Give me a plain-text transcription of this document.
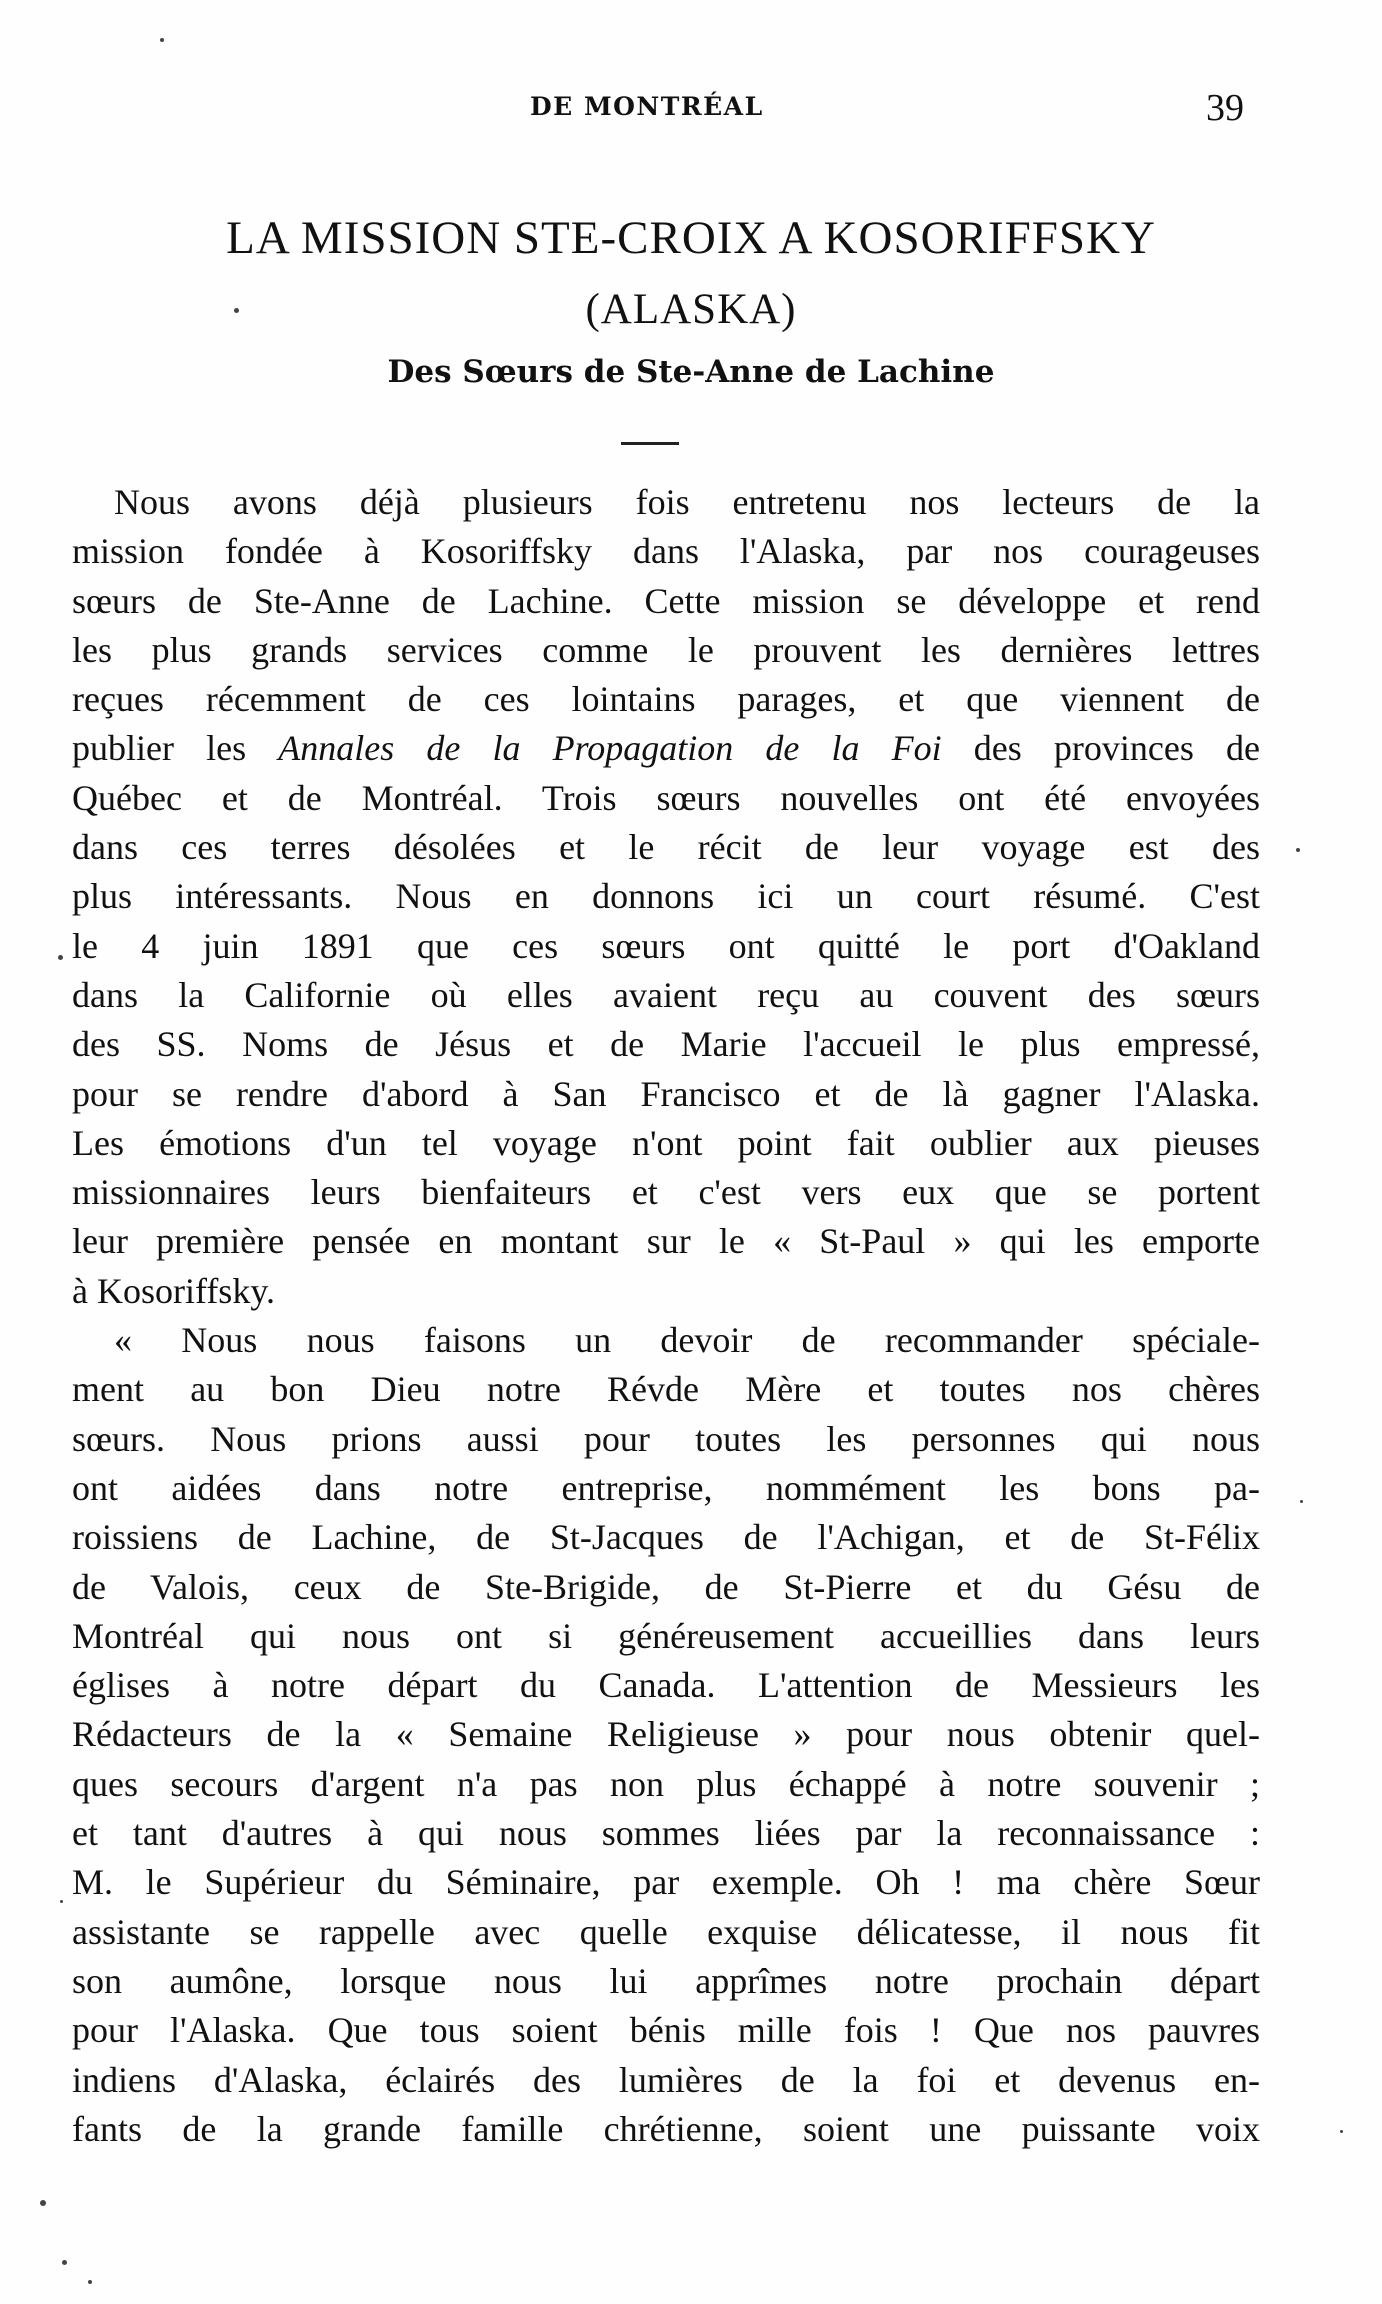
DE MONTRÉAL	39
LA MISSION STE-CROIX A KOSORIFFSKY
(ALASKA)
Des Sœurs de Ste-Anne de Lachine
Nous avons déjà plusieurs fois entretenu nos lecteurs de la
mission fondée à Kosoriffsky dans l'Alaska, par nos courageuses
sœurs de Ste-Anne de Lachine. Cette mission se développe et rend
les plus grands services comme le prouvent les dernières lettres
reçues récemment de ces lointains parages, et que viennent de
publier les Annales de la Propagation de la Foi des provinces de
Québec et de Montréal. Trois sœurs nouvelles ont été envoyées
dans ces terres désolées et le récit de leur voyage est des
plus intéressants. Nous en donnons ici un court résumé. C'est
le 4 juin 1891 que ces sœurs ont quitté le port d'Oakland
dans la Californie où elles avaient reçu au couvent des sœurs
des SS. Noms de Jésus et de Marie l'accueil le plus empressé,
pour se rendre d'abord à San Francisco et de là gagner l'Alaska.
Les émotions d'un tel voyage n'ont point fait oublier aux pieuses
missionnaires leurs bienfaiteurs et c'est vers eux que se portent
leur première pensée en montant sur le « St-Paul » qui les emporte
à Kosoriffsky.
« Nous nous faisons un devoir de recommander spéciale-
ment au bon Dieu notre Révde Mère et toutes nos chères
sœurs. Nous prions aussi pour toutes les personnes qui nous
ont aidées dans notre entreprise, nommément les bons pa-
roissiens de Lachine, de St-Jacques de l'Achigan, et de St-Félix
de Valois, ceux de Ste-Brigide, de St-Pierre et du Gésu de
Montréal qui nous ont si généreusement accueillies dans leurs
églises à notre départ du Canada. L'attention de Messieurs les
Rédacteurs de la « Semaine Religieuse » pour nous obtenir quel-
ques secours d'argent n'a pas non plus échappé à notre souvenir ;
et tant d'autres à qui nous sommes liées par la reconnaissance :
M. le Supérieur du Séminaire, par exemple. Oh ! ma chère Sœur
assistante se rappelle avec quelle exquise délicatesse, il nous fit
son aumône, lorsque nous lui apprîmes notre prochain départ
pour l'Alaska. Que tous soient bénis mille fois ! Que nos pauvres
indiens d'Alaska, éclairés des lumières de la foi et devenus en-
fants de la grande famille chrétienne, soient une puissante voix
